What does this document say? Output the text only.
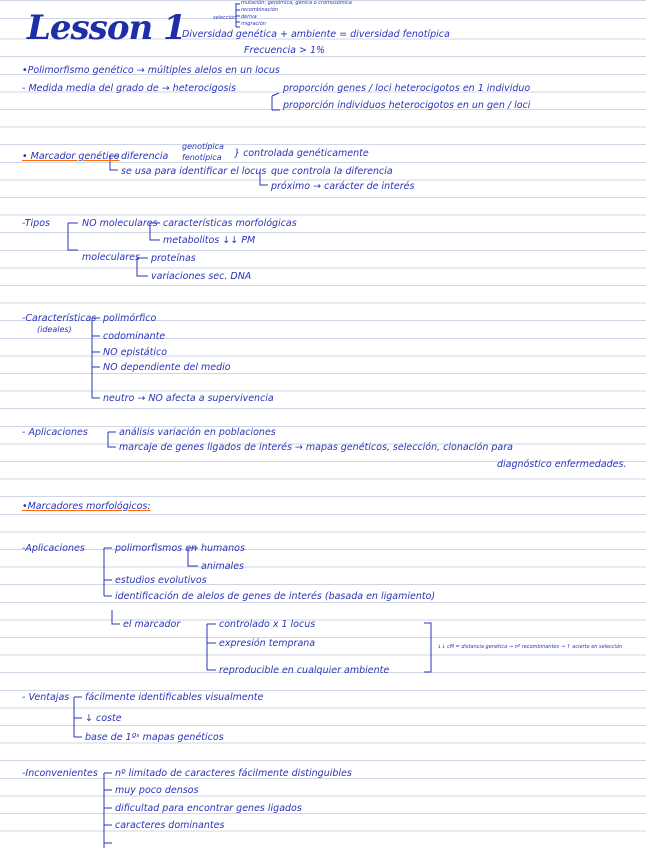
Lesson 1	selección
mutación: genómica, génica o cromosómica
recombinación
deriva
migración
Diversidad genética + ambiente = diversidad fenotípica
Frecuencia > 1%
•Polimorfismo genético → múltiples alelos en un locus
- Medida media del grado de → heterocigosis	proporción genes / loci heterocigotos en 1 individuo
proporción individuos heterocigotos en un gen / loci
• Marcador genético diferencia
genotípica
fenotípica } controlada genéticamente
se usa para identificar el locus que controla la diferencia
próximo → carácter de interés
-Tipos	NO moleculares características morfológicas
metabolitos ↓↓ PM
moleculares proteínas
variaciones sec. DNA
-Características
(ideales)
polimórfico
codominante
NO epistático
NO dependiente del medio
neutro → NO afecta a supervivencia
- Aplicaciones	análisis variación en poblaciones
marcaje de genes ligados de interés → mapas genéticos, selección, clonación para
diagnóstico enfermedades.
•Marcadores morfológicos:
-Aplicaciones	polimorfismos en humanos
animales
estudios evolutivos
identificación de alelos de genes de interés (basada en ligamiento)
el marcador	controlado x 1 locus
expresión temprana
reproducible en cualquier ambiente
↓↓ cM = distancia genética → nº recombinantes → ↑ acierto en selección
- Ventajas fácilmente identificables visualmente
↓ coste
base de 1ºˢ mapas genéticos
-Inconvenientes nº limitado de caracteres fácilmente distinguibles
muy poco densos
dificultad para encontrar genes ligados
caracteres dominantes
